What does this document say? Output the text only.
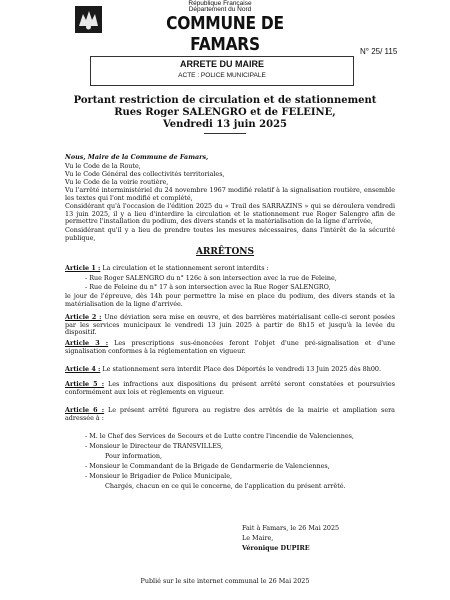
République Française
Département du Nord
COMMUNE DE FAMARS	N° 25/ 115
ARRETE DU MAIRE
ACTE : POLICE MUNICIPALE
Portant restriction de circulation et de stationnement
Rues Roger SALENGRO et de FELEINE,
Vendredi 13 juin 2025
Nous, Maire de la Commune de Famars,
Vu le Code de la Route,
Vu le Code Général des collectivités territoriales,
Vu le Code de la voirie routière,
Vu l'arrêté interministériel du 24 novembre 1967 modifié relatif à la signalisation routière, ensemble les textes qui l'ont modifié et complété,
Considérant qu'à l'occasion de l'édition 2025 du « Trail des SARRAZINS » qui se déroulera vendredi 13 juin 2025, il y a lieu d'interdire la circulation et le stationnement rue Roger Salengro afin de permettre l'installation du podium, des divers stands et la matérialisation de la ligne d'arrivée,
Considérant qu'il y a lieu de prendre toutes les mesures nécessaires, dans l'intérêt de la sécurité publique,
ARRÊTONS
Article 1 : La circulation et le stationnement seront interdits :
- Rue Roger SALENGRO du n° 126c à son intersection avec la rue de Feleine,
- Rue de Feleine du n° 17 à son intersection avec la Rue Roger SALENGRO,
le jour de l'épreuve, dès 14h pour permettre la mise en place du podium, des divers stands et la matérialisation de la ligne d'arrivée.
Article 2 : Une déviation sera mise en œuvre, et des barrières matérialisant celle-ci seront posées par les services municipaux le vendredi 13 juin 2025 à partir de 8h15 et jusqu'à la levée du dispositif.
Article 3 : Les prescriptions sus-énoncées feront l'objet d'une pré-signalisation et d'une signalisation conformes à la réglementation en vigueur.
Article 4 : Le stationnement sera interdit Place des Déportés le vendredi 13 Juin 2025 dès 8h00.
Article 5 : Les infractions aux dispositions du présent arrêté seront constatées et poursuivies conformément aux lois et règlements en vigueur.
Article 6 : Le présent arrêté figurera au registre des arrêtés de la mairie et ampliation sera adressée à :
- M. le Chef des Services de Secours et de Lutte contre l'incendie de Valenciennes,
- Monsieur le Directeur de TRANSVILLES,
Pour information,
- Monsieur le Commandant de la Brigade de Gendarmerie de Valenciennes,
- Monsieur le Brigadier de Police Municipale,
Chargés, chacun en ce qui le concerne, de l'application du présent arrêté.
Fait à Famars, le 26 Mai 2025
Le Maire,
Véronique DUPIRE
Publié sur le site internet communal le 26 Mai 2025
